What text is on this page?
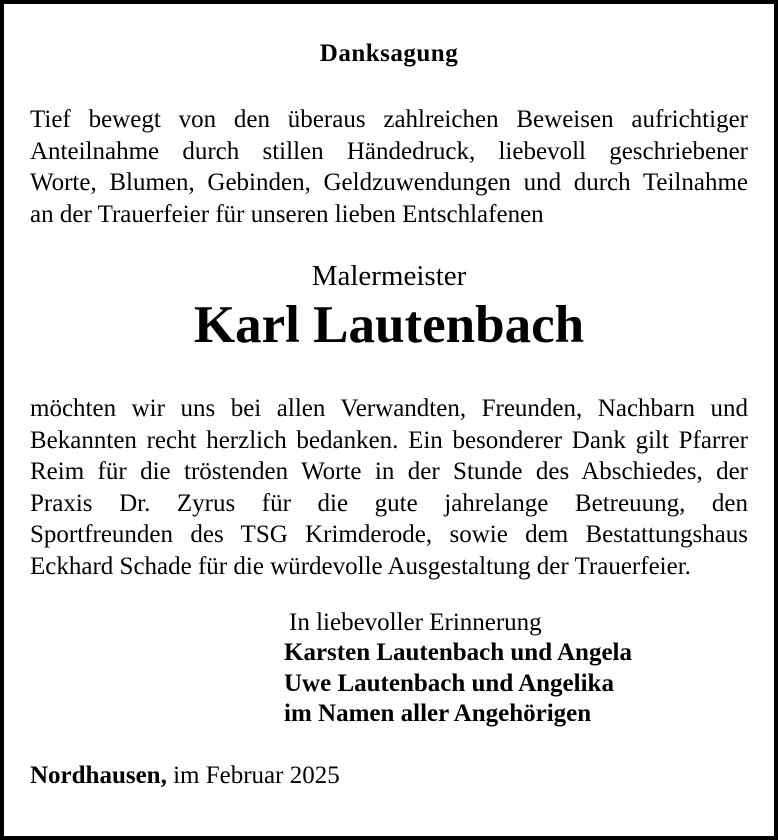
Danksagung
Tief bewegt von den überaus zahlreichen Beweisen aufrichtiger
Anteilnahme durch stillen Händedruck, liebevoll geschriebener
Worte, Blumen, Gebinden, Geldzuwendungen und durch Teilnahme
an der Trauerfeier für unseren lieben Entschlafenen
Malermeister
Karl Lautenbach
möchten wir uns bei allen Verwandten, Freunden, Nachbarn und
Bekannten recht herzlich bedanken. Ein besonderer Dank gilt Pfarrer
Reim für die tröstenden Worte in der Stunde des Abschiedes, der
Praxis Dr. Zyrus für die gute jahrelange Betreuung, den
Sportfreunden des TSG Krimderode, sowie dem Bestattungshaus
Eckhard Schade für die würdevolle Ausgestaltung der Trauerfeier.
In liebevoller Erinnerung
Karsten Lautenbach und Angela
Uwe Lautenbach und Angelika
im Namen aller Angehörigen
Nordhausen, im Februar 2025
